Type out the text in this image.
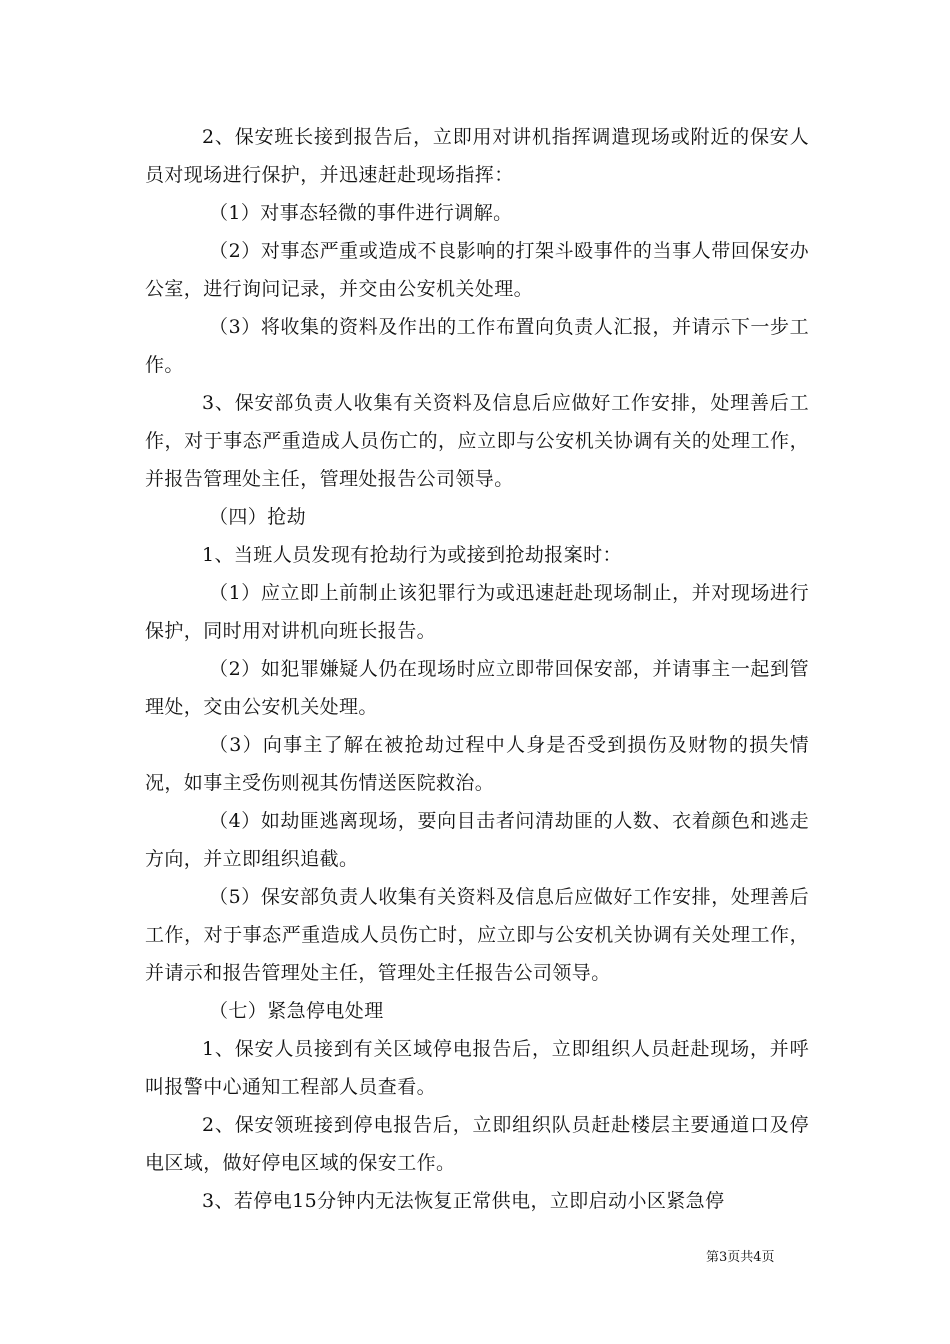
2、保安班长接到报告后，立即用对讲机指挥调遣现场或附近的保安人员对现场进行保护，并迅速赶赴现场指挥：

（1）对事态轻微的事件进行调解。

（2）对事态严重或造成不良影响的打架斗殴事件的当事人带回保安办公室，进行询问记录，并交由公安机关处理。

（3）将收集的资料及作出的工作布置向负责人汇报，并请示下一步工作。

3、保安部负责人收集有关资料及信息后应做好工作安排，处理善后工作，对于事态严重造成人员伤亡的，应立即与公安机关协调有关的处理工作，并报告管理处主任，管理处报告公司领导。

（四）抢劫

1、当班人员发现有抢劫行为或接到抢劫报案时：

（1）应立即上前制止该犯罪行为或迅速赶赴现场制止，并对现场进行保护，同时用对讲机向班长报告。

（2）如犯罪嫌疑人仍在现场时应立即带回保安部，并请事主一起到管理处，交由公安机关处理。

（3）向事主了解在被抢劫过程中人身是否受到损伤及财物的损失情况，如事主受伤则视其伤情送医院救治。

（4）如劫匪逃离现场，要向目击者问清劫匪的人数、衣着颜色和逃走方向，并立即组织追截。

（5）保安部负责人收集有关资料及信息后应做好工作安排，处理善后工作，对于事态严重造成人员伤亡时，应立即与公安机关协调有关处理工作，并请示和报告管理处主任，管理处主任报告公司领导。

（七）紧急停电处理

1、保安人员接到有关区域停电报告后，立即组织人员赶赴现场，并呼叫报警中心通知工程部人员查看。

2、保安领班接到停电报告后，立即组织队员赶赴楼层主要通道口及停电区域，做好停电区域的保安工作。

3、若停电15分钟内无法恢复正常供电，立即启动小区紧急停

第3页共4页
